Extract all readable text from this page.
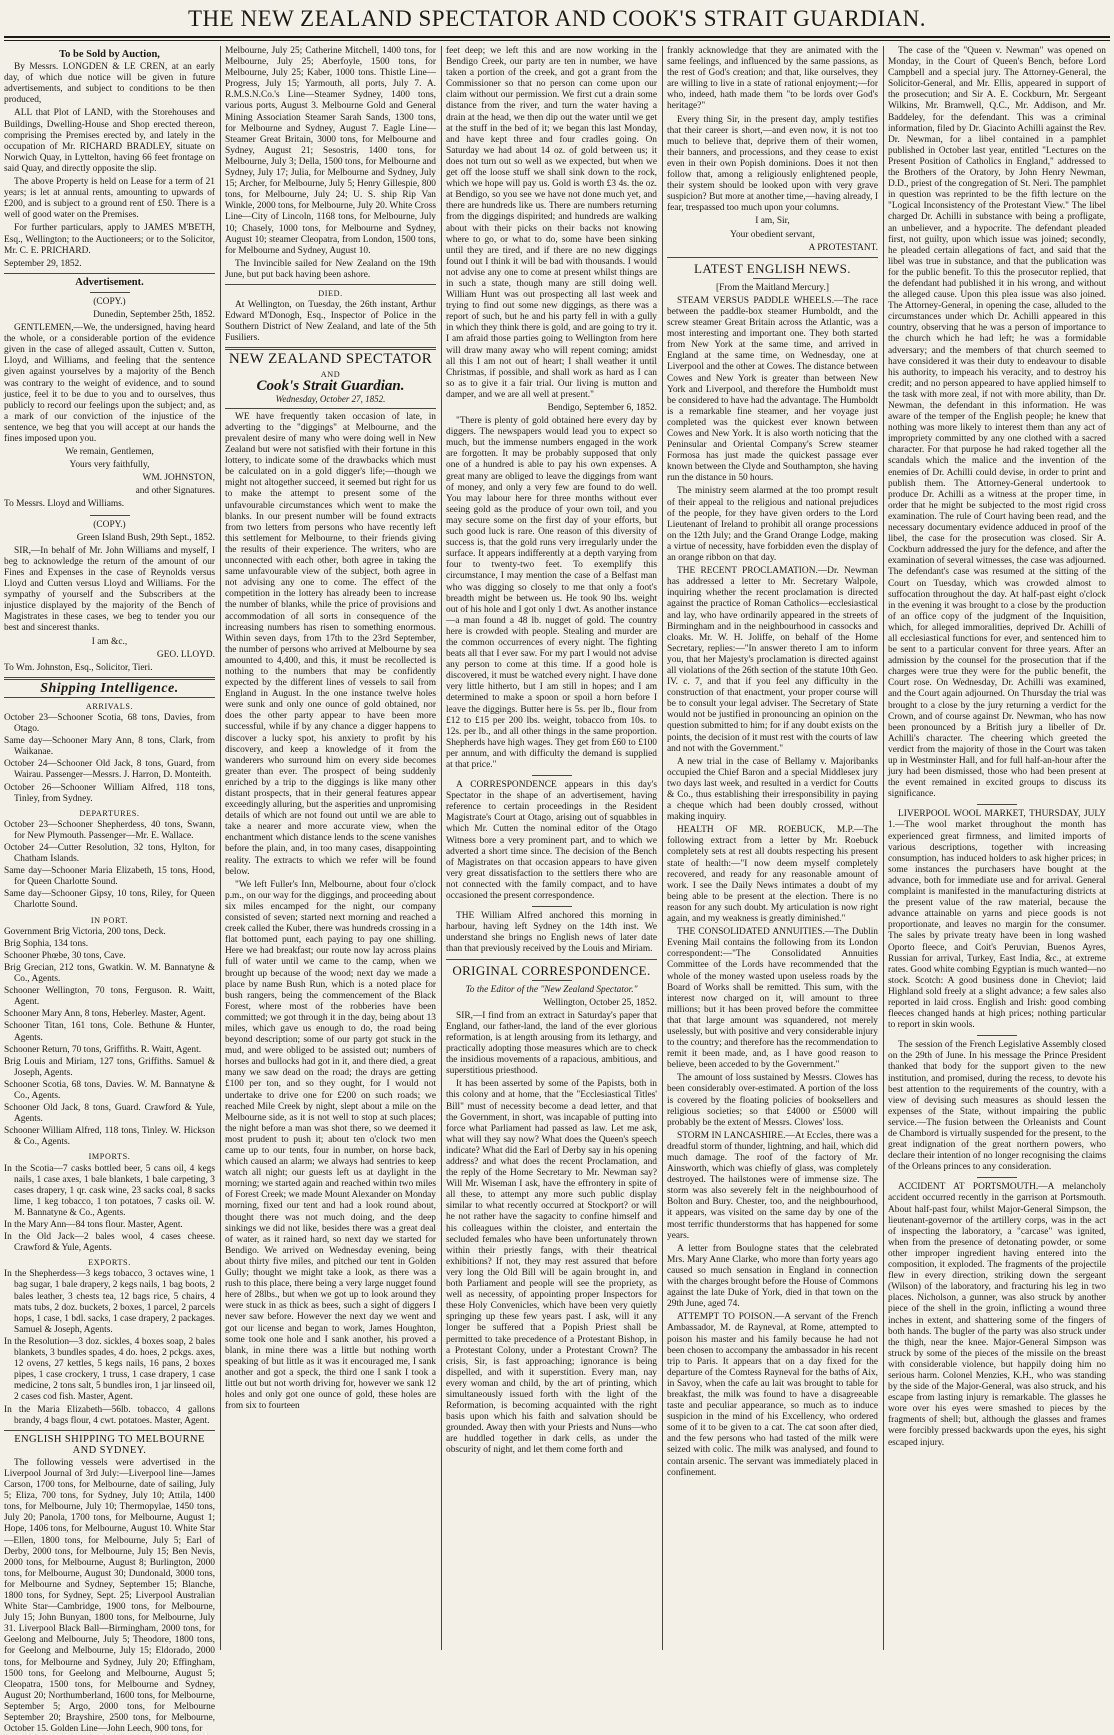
THE NEW ZEALAND SPECTATOR AND COOK'S STRAIT GUARDIAN.
To be Sold by Auction,

By Messrs. LONGDEN & LE CREN, at an early day, of which due notice will be given in future advertisements, and subject to conditions to be then produced,

ALL that Plot of LAND, with the Storehouses and Buildings, Dwelling-House and Shop erected thereon, comprising the Premises erected by, and lately in the occupation of Mr. RICHARD BRADLEY, situate on Norwich Quay, in Lyttelton, having 66 feet frontage on said Quay, and directly opposite the slip.

The above Property is held on Lease for a term of 21 years; is let at annual rents, amounting to upwards of £200, and is subject to a ground rent of £50. There is a well of good water on the Premises.

For further particulars, apply to JAMES M'BETH, Esq., Wellington; to the Auctioneers; or to the Solicitor, Mr. C. E. PRICHARD.

September 29, 1852.

Advertisement.

(COPY.)

Dunedin, September 25th, 1852.

GENTLEMEN,—We, the undersigned, having heard the whole, or a considerable portion of the evidence given in the case of alleged assault, Cutten v. Sutton, Lloyd, and Williams, and feeling that the sentence given against yourselves by a majority of the Bench was contrary to the weight of evidence, and to sound justice, feel it to be due to you and to ourselves, thus publicly to record our feelings upon the subject; and, as a mark of our conviction of the injustice of the sentence, we beg that you will accept at our hands the fines imposed upon you.

We remain, Gentlemen,

Yours very faithfully,

WM. JOHNSTON,

and other Signatures.

To Messrs. Lloyd and Williams.

(COPY.)

Green Island Bush, 29th Sept., 1852.

SIR,—In behalf of Mr. John Williams and myself, I beg to acknowledge the return of the amount of our Fines and Expenses in the case of Reynolds versus Lloyd and Cutten versus Lloyd and Williams. For the sympathy of yourself and the Subscribers at the injustice displayed by the majority of the Bench of Magistrates in these cases, we beg to tender you our best and sincerest thanks.

I am &c.,

GEO. LLOYD.

To Wm. Johnston, Esq., Solicitor, Tieri.

Shipping Intelligence.
ARRIVALS.

October 23—Schooner Scotia, 68 tons, Davies, from Otago.

Same day—Schooner Mary Ann, 8 tons, Clark, from Waikanae.

October 24—Schooner Old Jack, 8 tons, Guard, from Wairau. Passenger—Messrs. J. Harron, D. Monteith.

October 26—Schooner William Alfred, 118 tons, Tinley, from Sydney.

DEPARTURES.

October 23—Schooner Shepherdess, 40 tons, Swann, for New Plymouth. Passenger—Mr. E. Wallace.

October 24—Cutter Resolution, 32 tons, Hylton, for Chatham Islands.

Same day—Schooner Maria Elizabeth, 15 tons, Hood, for Queen Charlotte Sound.

Same day—Schooner Gipsy, 10 tons, Riley, for Queen Charlotte Sound.

IN PORT.

Government Brig Victoria, 200 tons, Deck.

Brig Sophia, 134 tons.

Schooner Phœbe, 30 tons, Cave.

Brig Grecian, 212 tons, Gwatkin. W. M. Bannatyne & Co., Agents.

Schooner Wellington, 70 tons, Ferguson. R. Waitt, Agent.

Schooner Mary Ann, 8 tons, Heberley. Master, Agent.

Schooner Titan, 161 tons, Cole. Bethune & Hunter, Agents.

Schooner Return, 70 tons, Griffiths. R. Waitt, Agent.

Brig Louis and Miriam, 127 tons, Griffiths. Samuel & Joseph, Agents.

Schooner Scotia, 68 tons, Davies. W. M. Bannatyne & Co., Agents.

Schooner Old Jack, 8 tons, Guard. Crawford & Yule, Agents.

Schooner William Alfred, 118 tons, Tinley. W. Hickson & Co., Agents.

IMPORTS.

In the Scotia—7 casks bottled beer, 5 cans oil, 4 kegs nails, 1 case axes, 1 bale blankets, 1 bale carpeting, 3 cases drapery, 1 qr. cask wine, 23 sacks coal, 8 sacks lime, 1 keg tobacco, 1 ton potatoes, 7 casks oil. W. M. Bannatyne & Co., Agents.

In the Mary Ann—84 tons flour. Master, Agent.

In the Old Jack—2 bales wool, 4 cases cheese. Crawford & Yule, Agents.

EXPORTS.

In the Shepherdess—3 kegs tobacco, 3 octaves wine, 1 bag sugar, 1 bale drapery, 2 kegs nails, 1 bag boots, 2 bales leather, 3 chests tea, 12 bags rice, 5 chairs, 4 mats tubs, 2 doz. buckets, 2 boxes, 1 parcel, 2 parcels hops, 1 case, 1 bdl. sacks, 1 case drapery, 2 packages. Samuel & Joseph, Agents.

In the Resolution—3 doz. sickles, 4 boxes soap, 2 bales blankets, 3 bundles spades, 4 do. hoes, 2 pckgs. axes, 12 ovens, 27 kettles, 5 kegs nails, 16 pans, 2 boxes pipes, 1 case crockery, 1 truss, 1 case drapery, 1 case medicine, 2 tons salt, 5 bundles iron, 1 jar linseed oil, 2 cases cod fish. Master, Agent.

In the Maria Elizabeth—56lb. tobacco, 4 gallons brandy, 4 bags flour, 4 cwt. potatoes. Master, Agent.

ENGLISH SHIPPING TO MELBOURNE AND SYDNEY.

The following vessels were advertised in the Liverpool Journal of 3rd July:—Liverpool line—James Carson, 1700 tons, for Melbourne, date of sailing, July 5; Eliza, 700 tons, for Sydney, July 10; Attila, 1400 tons, for Melbourne, July 10; Thermopylae, 1450 tons, July 20; Panola, 1700 tons, for Melbourne, August 1; Hope, 1406 tons, for Melbourne, August 10. White Star—Ellen, 1800 tons, for Melbourne, July 5; Earl of Derby, 2000 tons, for Melbourne, July 15; Ben Nevis, 2000 tons, for Melbourne, August 8; Burlington, 2000 tons, for Melbourne, August 30; Dundonald, 3000 tons, for Melbourne and Sydney, September 15; Blanche, 1800 tons, for Sydney, Sept. 25; Liverpool Australian White Star—Cambridge, 1900 tons, for Melbourne, July 15; John Bunyan, 1800 tons, for Melbourne, July 31. Liverpool Black Ball—Birmingham, 2000 tons, for Geelong and Melbourne, July 5; Theodore, 1800 tons, for Geelong and Melbourne, July 15; Eldorado, 2000 tons, for Melbourne and Sydney, July 20; Effingham, 1500 tons, for Geelong and Melbourne, August 5; Cleopatra, 1500 tons, for Melbourne and Sydney, August 20; Northumberland, 1600 tons, for Melbourne, September 5; Argo, 2000 tons, for Melbourne September 20; Brayshire, 2500 tons, for Melbourne, October 15. Golden Line—John Leech, 900 tons, for

Melbourne, July 25; Catherine Mitchell, 1400 tons, for Melbourne, July 25; Aberfoyle, 1500 tons, for Melbourne, July 25; Kaber, 1000 tons. Thistle Line—Progress, July 15; Yarmouth, all ports, July 7. A. R.M.S.N.Co.'s Line—Steamer Sydney, 1400 tons, various ports, August 3. Melbourne Gold and General Mining Association Steamer Sarah Sands, 1300 tons, for Melbourne and Sydney, August 7. Eagle Line—Steamer Great Britain, 3000 tons, for Melbourne and Sydney, August 21; Sesostris, 1400 tons, for Melbourne, July 3; Della, 1500 tons, for Melbourne and Sydney, July 17; Julia, for Melbourne and Sydney, July 15; Archer, for Melbourne, July 5; Henry Gillespie, 800 tons, for Melbourne, July 24; U. S. ship Rip Van Winkle, 2000 tons, for Melbourne, July 20. White Cross Line—City of Lincoln, 1168 tons, for Melbourne, July 10; Chasely, 1000 tons, for Melbourne and Sydney, August 10; steamer Cleopatra, from London, 1500 tons, for Melbourne and Sydney, August 10.

The Invincible sailed for New Zealand on the 19th June, but put back having been ashore.

DIED.

At Wellington, on Tuesday, the 26th instant, Arthur Edward M'Donogh, Esq., Inspector of Police in the Southern District of New Zealand, and late of the 5th Fusiliers.

NEW ZEALAND SPECTATOR
AND
Cook's Strait Guardian.
Wednesday, October 27, 1852.

WE have frequently taken occasion of late, in adverting to the "diggings" at Melbourne, and the prevalent desire of many who were doing well in New Zealand but were not satisfied with their fortune in this lottery, to indicate some of the drawbacks which must be calculated on in a gold digger's life;—though we might not altogether succeed, it seemed but right for us to make the attempt to present some of the unfavourable circumstances which went to make the blanks. In our present number will be found extracts from two letters from persons who have recently left this settlement for Melbourne, to their friends giving the results of their experience. The writers, who are unconnected with each other, both agree in taking the same unfavourable view of the subject, both agree in not advising any one to come. The effect of the competition in the lottery has already been to increase the number of blanks, while the price of provisions and accommodation of all sorts in consequence of the increasing numbers has risen to something enormous. Within seven days, from 17th to the 23rd September, the number of persons who arrived at Melbourne by sea amounted to 4,400, and this, it must be recollected is nothing to the numbers that may be confidently expected by the different lines of vessels to sail from England in August. In the one instance twelve holes were sunk and only one ounce of gold obtained, nor does the other party appear to have been more successful, while if by any chance a digger happens to discover a lucky spot, his anxiety to profit by his discovery, and keep a knowledge of it from the wanderers who surround him on every side becomes greater than ever. The prospect of being suddenly enriched by a trip to the diggings is like many other distant prospects, that in their general features appear exceedingly alluring, but the asperities and unpromising details of which are not found out until we are able to take a nearer and more accurate view, when the enchantment which distance lends to the scene vanishes before the plain, and, in too many cases, disappointing reality. The extracts to which we refer will be found below.

"We left Fuller's Inn, Melbourne, about four o'clock p.m., on our way for the diggings, and proceeding about six miles encamped for the night, our company consisted of seven; started next morning and reached a creek called the Kuber, there was hundreds crossing in a flat bottomed punt, each paying to pay one shilling. Here we had breakfast; our route now lay across plains full of water until we came to the camp, when we brought up because of the wood; next day we made a place by name Bush Run, which is a noted place for bush rangers, being the commencement of the Black Forest, where most of the robberies have been committed; we got through it in the day, being about 13 miles, which gave us enough to do, the road being beyond description; some of our party got stuck in the mud, and were obliged to be assisted out; numbers of horses and bullocks had got in it, and there died, a great many we saw dead on the road; the drays are getting £100 per ton, and so they ought, for I would not undertake to drive one for £200 on such roads; we reached Mile Creek by night, slept about a mile on the Melbourne side, as it is not well to stop at such places; the night before a man was shot there, so we deemed it most prudent to push it; about ten o'clock two men came up to our tents, four in number, on horse back, which caused an alarm; we always had sentries to keep watch all night; our guests left us at daylight in the morning; we started again and reached within two miles of Forest Creek; we made Mount Alexander on Monday morning, fixed our tent and had a look round about, thought there was not much doing, and the deep sinkings we did not like, besides there was a great deal of water, as it rained hard, so next day we started for Bendigo. We arrived on Wednesday evening, being about thirty five miles, and pitched our tent in Golden Gully; thought we might take a look, as there was a rush to this place, there being a very large nugget found here of 28lbs., but when we got up to look around they were stuck in as thick as bees, such a sight of diggers I never saw before. However the next day we went and got our license and began to work, James Houghton, some took one hole and I sank another, his proved a blank, in mine there was a little but nothing worth speaking of but little as it was it encouraged me, I sank another and got a speck, the third one I sank I took a little out but not worth driving for, however we sank 12 holes and only got one ounce of gold, these holes are from six to fourteen

feet deep; we left this and are now working in the Bendigo Creek, our party are ten in number, we have taken a portion of the creek, and got a grant from the Commissioner so that no person can come upon our claim without our permission. We first cut a drain some distance from the river, and turn the water having a drain at the head, we then dip out the water until we get at the stuff in the bed of it; we began this last Monday, and have kept three and four cradles going. On Saturday we had about 14 oz. of gold between us; it does not turn out so well as we expected, but when we get off the loose stuff we shall sink down to the rock, which we hope will pay us. Gold is worth £3 4s. the oz. at Bendigo, so you see we have not done much yet, and there are hundreds like us. There are numbers returning from the diggings dispirited; and hundreds are walking about with their picks on their backs not knowing where to go, or what to do, some have been sinking until they are tired, and if there are no new diggings found out I think it will be bad with thousands. I would not advise any one to come at present whilst things are in such a state, though many are still doing well. William Hunt was out prospecting all last week and trying to find out some new diggings, as there was a report of such, but he and his party fell in with a gully in which they think there is gold, and are going to try it. I am afraid those parties going to Wellington from here will draw many away who will repent coming; amidst all this I am not out of heart; I shall weather it until Christmas, if possible, and shall work as hard as I can so as to give it a fair trial. Our living is mutton and damper, and we are all well at present."

Bendigo, September 6, 1852.

"There is plenty of gold obtained here every day by diggers. The newspapers would lead you to expect so much, but the immense numbers engaged in the work are forgotten. It may be probably supposed that only one of a hundred is able to pay his own expenses. A great many are obliged to leave the diggings from want of money, and only a very few are found to do well. You may labour here for three months without ever seeing gold as the produce of your own toil, and you may secure some on the first day of your efforts, but such good luck is rare. One reason of this diversity of success is, that the gold runs very irregularly under the surface. It appears indifferently at a depth varying from four to twenty-two feet. To exemplify this circumstance, I may mention the case of a Belfast man who was digging so closely to me that only a foot's breadth might be between us. He took 90 lbs. weight out of his hole and I got only 1 dwt. As another instance—a man found a 48 lb. nugget of gold. The country here is crowded with people. Stealing and murder are the common occurrences of every night. The fighting beats all that I ever saw. For my part I would not advise any person to come at this time. If a good hole is discovered, it must be watched every night. I have done very little hitherto, but I am still in hopes; and I am determined to make a spoon or spoil a horn before I leave the diggings. Butter here is 5s. per lb., flour from £12 to £15 per 200 lbs. weight, tobacco from 10s. to 12s. per lb., and all other things in the same proportion. Shepherds have high wages. They get from £60 to £100 per annum, and with difficulty the demand is supplied at that price."

A CORRESPONDENCE appears in this day's Spectator in the shape of an advertisement, having reference to certain proceedings in the Resident Magistrate's Court at Otago, arising out of squabbles in which Mr. Cutten the nominal editor of the Otago Witness bore a very prominent part, and to which we adverted a short time since. The decision of the Bench of Magistrates on that occasion appears to have given very great dissatisfaction to the settlers there who are not connected with the family compact, and to have occasioned the present correspondence.

THE William Alfred anchored this morning in harbour, having left Sydney on the 14th inst. We understand she brings no English news of later date than that previously received by the Louis and Miriam.

ORIGINAL CORRESPONDENCE.

To the Editor of the "New Zealand Spectator."

Wellington, October 25, 1852.

SIR,—I find from an extract in Saturday's paper that England, our father-land, the land of the ever glorious reformation, is at length arousing from its lethargy, and practically adopting those measures which are to check the insidious movements of a rapacious, ambitious, and superstitious priesthood.

It has been asserted by some of the Papists, both in this colony and at home, that the "Ecclesiastical Titles' Bill" must of necessity become a dead letter, and that the Government, in short, was incapable of putting into force what Parliament had passed as law. Let me ask, what will they say now? What does the Queen's speech indicate? What did the Earl of Derby say in his opening address? and what does the recent Proclamation, and the reply of the Home Secretary to Mr. Newman say? Will Mr. Wiseman I ask, have the effrontery in spite of all these, to attempt any more such public display similar to what recently occurred at Stockport? or will he not rather have the sagacity to confine himself and his colleagues within the cloister, and entertain the secluded females who have been unfortunately thrown within their priestly fangs, with their theatrical exhibitions? If not, they may rest assured that before very long the Old Bill will be again brought in, and both Parliament and people will see the propriety, as well as necessity, of appointing proper Inspectors for these Holy Convenicles, which have been very quietly springing up these few years past. I ask, will it any longer be suffered that a Popish Priest shall be permitted to take precedence of a Protestant Bishop, in a Protestant Colony, under a Protestant Crown? The crisis, Sir, is fast approaching; ignorance is being dispelled, and with it superstition. Every man, nay every woman and child, by the art of printing, which simultaneously issued forth with the light of the Reformation, is becoming acquainted with the right basis upon which his faith and salvation should be grounded. Away then with your Priests and Nuns—who are huddled together in dark cells, as under the obscurity of night, and let them come forth and

frankly acknowledge that they are animated with the same feelings, and influenced by the same passions, as the rest of God's creation; and that, like ourselves, they are willing to live in a state of rational enjoyment;—for who, indeed, hath made them "to be lords over God's heritage?"

Every thing Sir, in the present day, amply testifies that their career is short,—and even now, it is not too much to believe that, deprive them of their women, their banners, and processions, and they cease to exist even in their own Popish dominions. Does it not then follow that, among a religiously enlightened people, their system should be looked upon with very grave suspicion? But more at another time,—having already, I fear, trespassed too much upon your columns.

I am, Sir,

Your obedient servant,

A PROTESTANT.

LATEST ENGLISH NEWS.

[From the Maitland Mercury.]

STEAM VERSUS PADDLE WHEELS.—The race between the paddle-box steamer Humboldt, and the screw steamer Great Britain across the Atlantic, was a most interesting and important one. They both started from New York at the same time, and arrived in England at the same time, on Wednesday, one at Liverpool and the other at Cowes. The distance between Cowes and New York is greater than between New York and Liverpool, and therefore the Humboldt must be considered to have had the advantage. The Humboldt is a remarkable fine steamer, and her voyage just completed was the quickest ever known between Cowes and New York. It is also worth noticing that the Peninsular and Oriental Company's Screw steamer Formosa has just made the quickest passage ever known between the Clyde and Southampton, she having run the distance in 50 hours.

The ministry seem alarmed at the too prompt result of their appeal to the religious and national prejudices of the people, for they have given orders to the Lord Lieutenant of Ireland to prohibit all orange processions on the 12th July; and the Grand Orange Lodge, making a virtue of necessity, have forbidden even the display of an orange ribbon on that day.

THE RECENT PROCLAMATION.—Dr. Newman has addressed a letter to Mr. Secretary Walpole, inquiring whether the recent proclamation is directed against the practice of Roman Catholics—ecclesiastical and lay, who have ordinarily appeared in the streets of Birmingham and in the neighbourhood in cassocks and cloaks. Mr. W. H. Joliffe, on behalf of the Home Secretary, replies:—"In answer thereto I am to inform you, that her Majesty's proclamation is directed against all violations of the 26th section of the statute 10th Geo. IV. c. 7, and that if you feel any difficulty in the construction of that enactment, your proper course will be to consult your legal adviser. The Secretary of State would not be justified in pronouncing an opinion on the question submitted to him; for if any doubt exists on the points, the decision of it must rest with the courts of law and not with the Government."

A new trial in the case of Bellamy v. Majoribanks occupied the Chief Baron and a special Middlesex jury two days last week, and resulted in a verdict for Coutts & Co., thus establishing their irresponsibility in paying a cheque which had been doubly crossed, without making inquiry.

HEALTH OF MR. ROEBUCK, M.P.—The following extract from a letter by Mr. Roebuck completely sets at rest all doubts respecting his present state of health:—"I now deem myself completely recovered, and ready for any reasonable amount of work. I see the Daily News intimates a doubt of my being able to be present at the election. There is no reason for any such doubt. My articulation is now right again, and my weakness is greatly diminished."

THE CONSOLIDATED ANNUITIES.—The Dublin Evening Mail contains the following from its London correspondent:—"The Consolidated Annuities Committee of the Lords have recommended that the whole of the money wasted upon useless roads by the Board of Works shall be remitted. This sum, with the interest now charged on it, will amount to three millions; but it has been proved before the committee that that large amount was squandered, not merely uselessly, but with positive and very considerable injury to the country; and therefore has the recommendation to remit it been made, and, as I have good reason to believe, been acceded to by the Government."

The amount of loss sustained by Messrs. Clowes has been considerably over-estimated. A portion of the loss is covered by the floating policies of booksellers and religious societies; so that £4000 or £5000 will probably be the extent of Messrs. Clowes' loss.

STORM IN LANCASHIRE.—At Eccles, there was a dreadful storm of thunder, lightning, and hail, which did much damage. The roof of the factory of Mr. Ainsworth, which was chiefly of glass, was completely destroyed. The hailstones were of immense size. The storm was also severely felt in the neighbourhood of Bolton and Bury. Chester, too, and the neighbourhood, it appears, was visited on the same day by one of the most terrific thunderstorms that has happened for some years.

A letter from Boulogne states that the celebrated Mrs. Mary Anne Clarke, who more than forty years ago caused so much sensation in England in connection with the charges brought before the House of Commons against the late Duke of York, died in that town on the 29th June, aged 74.

ATTEMPT TO POISON.—A servant of the French Ambassador, M. de Rayneval, at Rome, attempted to poison his master and his family because he had not been chosen to accompany the ambassador in his recent trip to Paris. It appears that on a day fixed for the departure of the Comtess Rayneval for the baths of Aix, in Savoy, when the cafe au lait was brought to table for breakfast, the milk was found to have a disagreeable taste and peculiar appearance, so much as to induce suspicion in the mind of his Excellency, who ordered some of it to be given to a cat. The cat soon after died, and the few persons who had tasted of the milk were seized with colic. The milk was analysed, and found to contain arsenic. The servant was immediately placed in confinement.

The case of the "Queen v. Newman" was opened on Monday, in the Court of Queen's Bench, before Lord Campbell and a special jury. The Attorney-General, the Solicitor-General, and Mr. Ellis, appeared in support of the prosecution; and Sir A. E. Cockburn, Mr. Sergeant Wilkins, Mr. Bramwell, Q.C., Mr. Addison, and Mr. Baddeley, for the defendant. This was a criminal information, filed by Dr. Giacinto Achilli against the Rev. Dr. Newman, for a libel contained in a pamphlet published in October last year, entitled "Lectures on the Present Position of Catholics in England," addressed to the Brothers of the Oratory, by John Henry Newman, D.D., priest of the congregation of St. Neri. The pamphlet in question was reprinted to be the fifth lecture on the "Logical Inconsistency of the Protestant View." The libel charged Dr. Achilli in substance with being a profligate, an unbeliever, and a hypocrite. The defendant pleaded first, not guilty, upon which issue was joined; secondly, he pleaded certain allegations of fact, and said that the libel was true in substance, and that the publication was for the public benefit. To this the prosecutor replied, that the defendant had published it in his wrong, and without the alleged cause. Upon this plea issue was also joined. The Attorney-General, in opening the case, alluded to the circumstances under which Dr. Achilli appeared in this country, observing that he was a person of importance to the church which he had left; he was a formidable adversary; and the members of that church seemed to have considered it was their duty to endeavour to disable his authority, to impeach his veracity, and to destroy his credit; and no person appeared to have applied himself to the task with more zeal, if not with more ability, than Dr. Newman, the defendant in this information. He was aware of the temper of the English people; he knew that nothing was more likely to interest them than any act of impropriety committed by any one clothed with a sacred character. For that purpose he had raked together all the scandals which the malice and the invention of the enemies of Dr. Achilli could devise, in order to print and publish them. The Attorney-General undertook to produce Dr. Achilli as a witness at the proper time, in order that he might be subjected to the most rigid cross examination. The rule of Court having been read, and the necessary documentary evidence adduced in proof of the libel, the case for the prosecution was closed. Sir A. Cockburn addressed the jury for the defence, and after the examination of several witnesses, the case was adjourned. The defendant's case was resumed at the sitting of the Court on Tuesday, which was crowded almost to suffocation throughout the day. At half-past eight o'clock in the evening it was brought to a close by the production of an office copy of the judgment of the Inquisition, which, for alleged immoralities, deprived Dr. Achilli of all ecclesiastical functions for ever, and sentenced him to be sent to a particular convent for three years. After an admission by the counsel for the prosecution that if the charges were true they were for the public benefit, the Court rose. On Wednesday, Dr. Achilli was examined, and the Court again adjourned. On Thursday the trial was brought to a close by the jury returning a verdict for the Crown, and of course against Dr. Newman, who has now been pronounced by a British jury a libeller of Dr. Achilli's character. The cheering which greeted the verdict from the majority of those in the Court was taken up in Westminster Hall, and for full half-an-hour after the jury had been dismissed, those who had been present at the event remained in excited groups to discuss its significance.

LIVERPOOL WOOL MARKET, THURSDAY, JULY 1.—The wool market throughout the month has experienced great firmness, and limited imports of various descriptions, together with increasing consumption, has induced holders to ask higher prices; in some instances the purchasers have bought at the advance, both for immediate use and for arrival. General complaint is manifested in the manufacturing districts at the present value of the raw material, because the advance attainable on yarns and piece goods is not proportionate, and leaves no margin for the consumer. The sales by private treaty have been in long washed Oporto fleece, and Coit's Peruvian, Buenos Ayres, Russian for arrival, Turkey, East India, &c., at extreme rates. Good white combing Egyptian is much wanted—no stock. Scotch: A good business done in Cheviot; laid Highland sold freely at a slight advance; a few sales also reported in laid cross. English and Irish: good combing fleeces changed hands at high prices; nothing particular to report in skin wools.

The session of the French Legislative Assembly closed on the 29th of June. In his message the Prince President thanked that body for the support given to the new institution, and promised, during the recess, to devote his best attention to the requirements of the country, with a view of devising such measures as should lessen the expenses of the State, without impairing the public service.—The fusion between the Orleanists and Count de Chambord is virtually suspended for the present, to the great indignation of the great northern powers, who declare their intention of no longer recognising the claims of the Orleans princes to any consideration.

ACCIDENT AT PORTSMOUTH.—A melancholy accident occurred recently in the garrison at Portsmouth. About half-past four, whilst Major-General Simpson, the lieutenant-governor of the artillery corps, was in the act of inspecting the laboratory, a "carcase" was ignited, when from the presence of detonating powder, or some other improper ingredient having entered into the composition, it exploded. The fragments of the projectile flew in every direction, striking down the sergeant (Wilson) of the laboratory, and fracturing his leg in two places. Nicholson, a gunner, was also struck by another piece of the shell in the groin, inflicting a wound three inches in extent, and shattering some of the fingers of both hands. The bugler of the party was also struck under the thigh, near the knee. Major-General Simpson was struck by some of the pieces of the missile on the breast with considerable violence, but happily doing him no serious harm. Colonel Menzies, K.H., who was standing by the side of the Major-General, was also struck, and his escape from lasting injury is remarkable. The glasses he wore over his eyes were smashed to pieces by the fragments of shell; but, although the glasses and frames were forcibly pressed backwards upon the eyes, his sight escaped injury.
